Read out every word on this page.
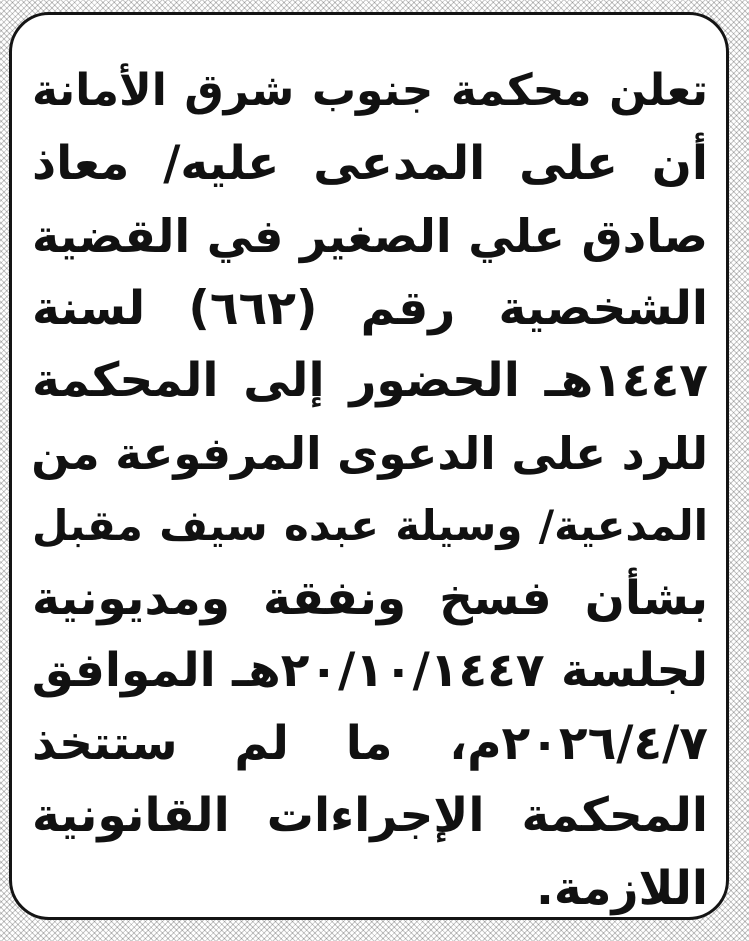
تعلن محكمة جنوب شرق الأمانة
أن على المدعى عليه/ معاذ
صادق علي الصغير في القضية
الشخصية رقم (٦٦٢) لسنة
١٤٤٧هـ الحضور إلى المحكمة
للرد على الدعوى المرفوعة من
المدعية/ وسيلة عبده سيف مقبل
بشأن فسخ ونفقة ومديونية
لجلسة ٢٠/١٠/١٤٤٧هـ الموافق
٢٠٢٦/٤/٧م، ما لم ستتخذ
المحكمة الإجراءات القانونية
اللازمة.
